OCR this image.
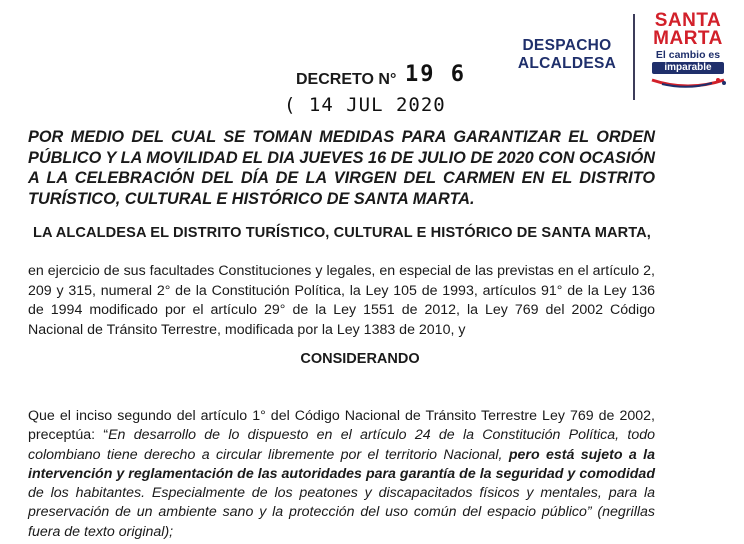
DESPACHO
ALCALDESA
SANTA
MARTA
El cambio es
imparable
DECRETO N° 19 6
( 14 JUL 2020
POR MEDIO DEL CUAL SE TOMAN MEDIDAS PARA GARANTIZAR EL ORDEN PÚBLICO Y LA MOVILIDAD EL DIA JUEVES 16 DE JULIO DE 2020 CON OCASIÓN A LA CELEBRACIÓN DEL DÍA DE LA VIRGEN DEL CARMEN EN EL DISTRITO TURÍSTICO, CULTURAL E HISTÓRICO DE SANTA MARTA.
LA ALCALDESA EL DISTRITO TURÍSTICO, CULTURAL E HISTÓRICO DE SANTA MARTA,
en ejercicio de sus facultades Constituciones y legales, en especial de las previstas en el artículo 2, 209 y 315, numeral 2° de la Constitución Política, la Ley 105 de 1993, artículos 91° de la Ley 136 de 1994 modificado por el artículo 29° de la Ley 1551 de 2012, la Ley 769 del 2002 Código Nacional de Tránsito Terrestre, modificada por la Ley 1383 de 2010, y
CONSIDERANDO
Que el inciso segundo del artículo 1° del Código Nacional de Tránsito Terrestre Ley 769 de 2002, preceptúa: “En desarrollo de lo dispuesto en el artículo 24 de la Constitución Política, todo colombiano tiene derecho a circular libremente por el territorio Nacional, pero está sujeto a la intervención y reglamentación de las autoridades para garantía de la seguridad y comodidad de los habitantes. Especialmente de los peatones y discapacitados físicos y mentales, para la preservación de un ambiente sano y la protección del uso común del espacio público” (negrillas fuera de texto original);
